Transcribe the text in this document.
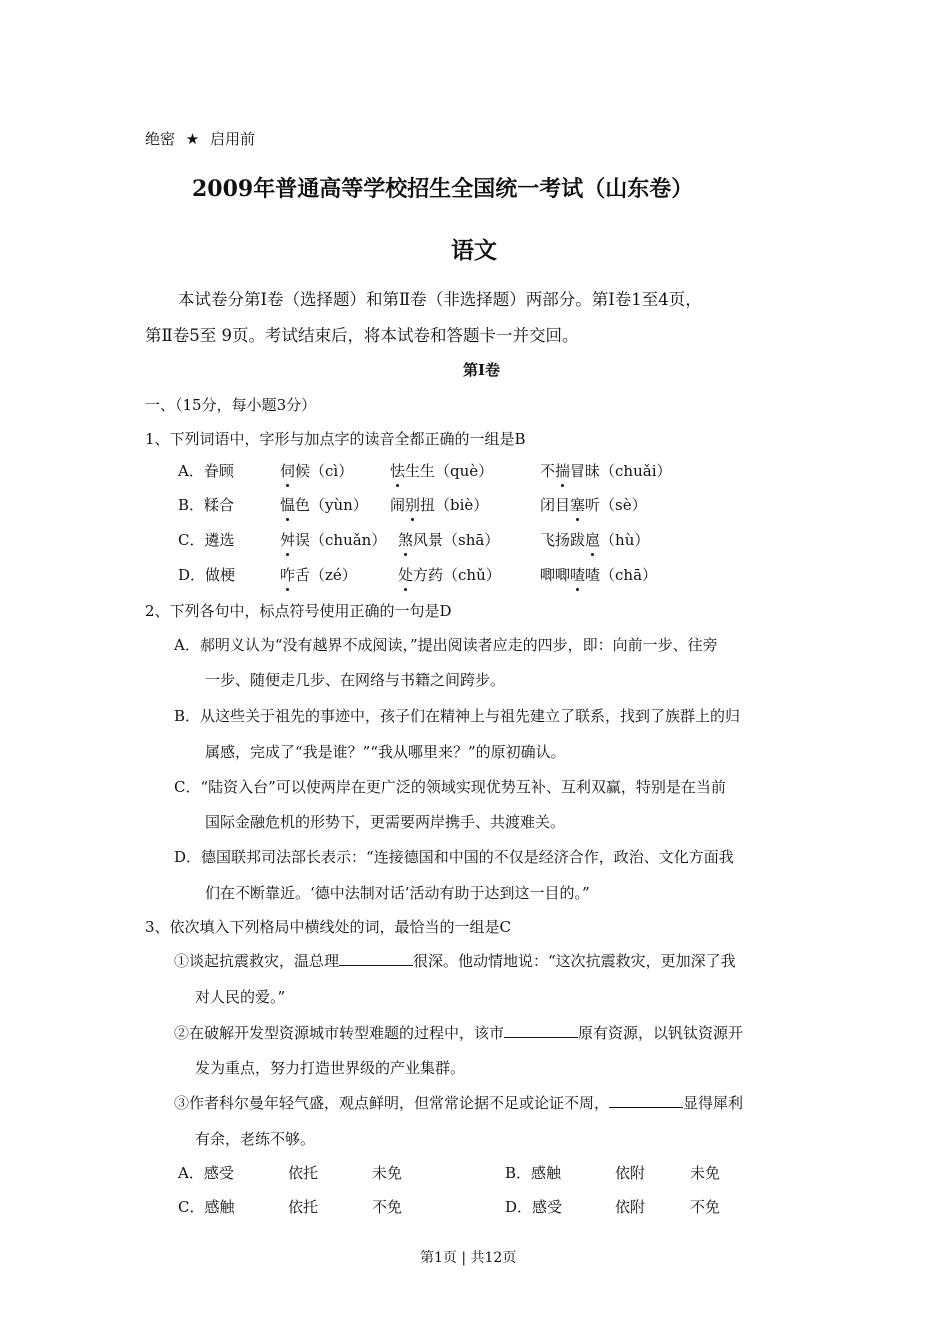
绝密 ★ 启用前
2009年普通高等学校招生全国统一考试（山东卷）
语文
本试卷分第Ⅰ卷（选择题）和第Ⅱ卷（非选择题）两部分。第Ⅰ卷1至4页，
第Ⅱ卷5至 9页。考试结束后，将本试卷和答题卡一并交回。
第Ⅰ卷
一、（15分，每小题3分）
1、下列词语中，字形与加点字的读音全都正确的一组是B
A．眷顾	伺候（cì） 怯生生（què）	不揣冒昧（chuǎi）
B．糅合	愠色（yùn） 闹别扭（biè）	闭目塞听（sè）
C．遴选	舛误（chuǎn） 煞风景（shā）	飞扬跋扈（hù）
D．做梗	咋舌（zé）	处方药（chǔ）	唧唧喳喳（chā）
2、下列各句中，标点符号使用正确的一句是D
A．郝明义认为“没有越界不成阅读，”提出阅读者应走的四步，即：向前一步、往旁
一步、随便走几步、在网络与书籍之间跨步。
B．从这些关于祖先的事迹中，孩子们在精神上与祖先建立了联系，找到了族群上的归
属感，完成了“我是谁？”“我从哪里来？”的原初确认。
C．“陆资入台”可以使两岸在更广泛的领域实现优势互补、互利双赢，特别是在当前
国际金融危机的形势下，更需要两岸携手、共渡难关。
D．德国联邦司法部长表示：“连接德国和中国的不仅是经济合作，政治、文化方面我
们在不断靠近。‘德中法制对话’活动有助于达到这一目的。”
3、依次填入下列格局中横线处的词，最恰当的一组是C
①谈起抗震救灾，温总理	很深。他动情地说：“这次抗震救灾，更加深了我
对人民的爱。”
②在破解开发型资源城市转型难题的过程中，该市	原有资源，以钒钛资源开
发为重点，努力打造世界级的产业集群。
③作者科尔曼年轻气盛，观点鲜明，但常常论据不足或论证不周，	显得犀利
有余，老练不够。
A．感受	依托	未免	B．感触	依附	未免
C．感触	依托	不免	D．感受	依附	不免
第1页 | 共12页
